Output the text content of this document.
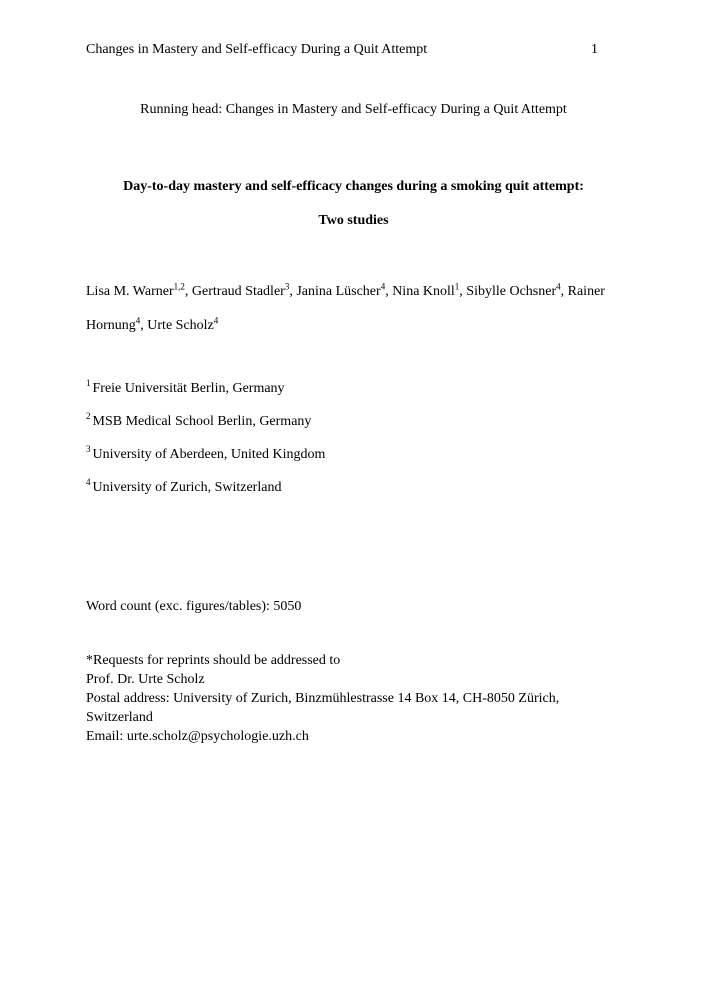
Changes in Mastery and Self-efficacy During a Quit Attempt	1
Running head: Changes in Mastery and Self-efficacy During a Quit Attempt
Day-to-day mastery and self-efficacy changes during a smoking quit attempt:
Two studies
Lisa M. Warner$^{1,2}$, Gertraud Stadler$^3$, Janina Lüscher$^4$, Nina Knoll$^1$, Sibylle Ochsner$^4$, Rainer
Hornung$^4$, Urte Scholz$^4$
$^1$ Freie Universität Berlin, Germany
$^2$ MSB Medical School Berlin, Germany
$^3$ University of Aberdeen, United Kingdom
$^4$ University of Zurich, Switzerland
Word count (exc. figures/tables): 5050
*Requests for reprints should be addressed to
Prof. Dr. Urte Scholz
Postal address: University of Zurich, Binzmühlestrasse 14 Box 14, CH-8050 Zürich,
Switzerland
Email: urte.scholz@psychologie.uzh.ch
